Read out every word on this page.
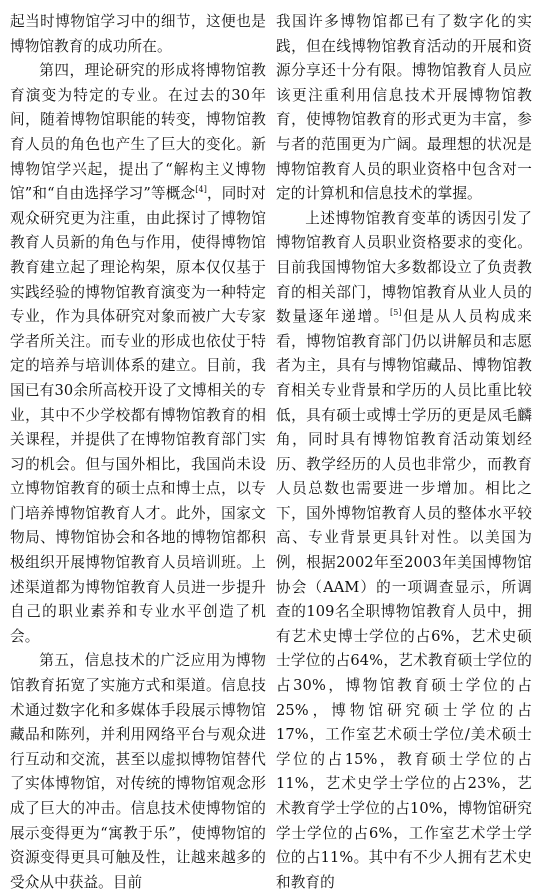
起当时博物馆学习中的细节，这便也是博物馆教育的成功所在。

第四，理论研究的形成将博物馆教育演变为特定的专业。在过去的30年间，随着博物馆职能的转变，博物馆教育人员的角色也产生了巨大的变化。新博物馆学兴起，提出了“解构主义博物馆”和“自由选择学习”等概念[4]，同时对观众研究更为注重，由此探讨了博物馆教育人员新的角色与作用，使得博物馆教育建立起了理论构架，原本仅仅基于实践经验的博物馆教育演变为一种特定专业，作为具体研究对象而被广大专家学者所关注。而专业的形成也依仗于特定的培养与培训体系的建立。目前，我国已有30余所高校开设了文博相关的专业，其中不少学校都有博物馆教育的相关课程，并提供了在博物馆教育部门实习的机会。但与国外相比，我国尚未设立博物馆教育的硕士点和博士点，以专门培养博物馆教育人才。此外，国家文物局、博物馆协会和各地的博物馆都积极组织开展博物馆教育人员培训班。上述渠道都为博物馆教育人员进一步提升自己的职业素养和专业水平创造了机会。

第五，信息技术的广泛应用为博物馆教育拓宽了实施方式和渠道。信息技术通过数字化和多媒体手段展示博物馆藏品和陈列，并利用网络平台与观众进行互动和交流，甚至以虚拟博物馆替代了实体博物馆，对传统的博物馆观念形成了巨大的冲击。信息技术使博物馆的展示变得更为“寓教于乐”，使博物馆的资源变得更具可触及性，让越来越多的受众从中获益。目前

我国许多博物馆都已有了数字化的实践，但在线博物馆教育活动的开展和资源分享还十分有限。博物馆教育人员应该更注重利用信息技术开展博物馆教育，使博物馆教育的形式更为丰富，参与者的范围更为广阔。最理想的状况是博物馆教育人员的职业资格中包含对一定的计算机和信息技术的掌握。

上述博物馆教育变革的诱因引发了博物馆教育人员职业资格要求的变化。目前我国博物馆大多数都设立了负责教育的相关部门，博物馆教育从业人员的数量逐年递增。[5]但是从人员构成来看，博物馆教育部门仍以讲解员和志愿者为主，具有与博物馆藏品、博物馆教育相关专业背景和学历的人员比重比较低，具有硕士或博士学历的更是凤毛麟角，同时具有博物馆教育活动策划经历、教学经历的人员也非常少，而教育人员总数也需要进一步增加。相比之下，国外博物馆教育人员的整体水平较高、专业背景更具针对性。以美国为例，根据2002年至2003年美国博物馆协会（AAM）的一项调查显示，所调查的109名全职博物馆教育人员中，拥有艺术史博士学位的占6%，艺术史硕士学位的占64%，艺术教育硕士学位的占30%，博物馆教育硕士学位的占25%，博物馆研究硕士学位的占17%，工作室艺术硕士学位/美术硕士学位的占15%，教育硕士学位的占11%，艺术史学士学位的占23%，艺术教育学士学位的占10%，博物馆研究学士学位的占6%，工作室艺术学士学位的占11%。其中有不少人拥有艺术史和教育的
